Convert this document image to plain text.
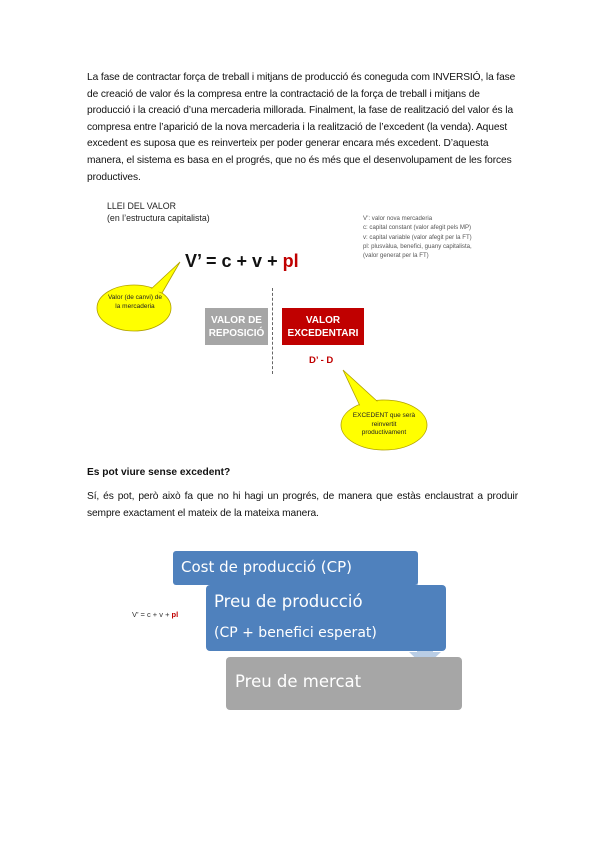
La fase de contractar força de treball i mitjans de producció és coneguda com INVERSIÓ, la fase de creació de valor és la compresa entre la contractació de la força de treball i mitjans de producció i la creació d’una mercaderia millorada. Finalment, la fase de realització del valor és la compresa entre l’aparició de la nova mercaderia i la realització de l’excedent (la venda). Aquest excedent es suposa que es reinverteix per poder generar encara més excedent. D’aquesta manera, el sistema es basa en el progrés, que no és més que el desenvolupament de les forces productives.
LLEI DEL VALOR
(en l’estructura capitalista)
V’ = c + v + pl
V’: valor nova mercaderia
c: capital constant (valor afegit pels MP)
v: capital variable (valor afegit per la FT)
pl: plusvàlua, benefici, guany capitalista,
(valor generat per la FT)
Valor (de canvi) de la mercaderia
VALOR DE REPOSICIÓ
VALOR EXCEDENTARI
D’ - D
EXCEDENT que serà reinvertit productivament
Es pot viure sense excedent?
Sí, és pot, però això fa que no hi hagi un progrés, de manera que estàs enclaustrat a produir sempre exactament el mateix de la mateixa manera.
Cost de producció (CP)
Preu de producció
(CP + benefici esperat)
Preu de mercat
V’ = c + v + pl
